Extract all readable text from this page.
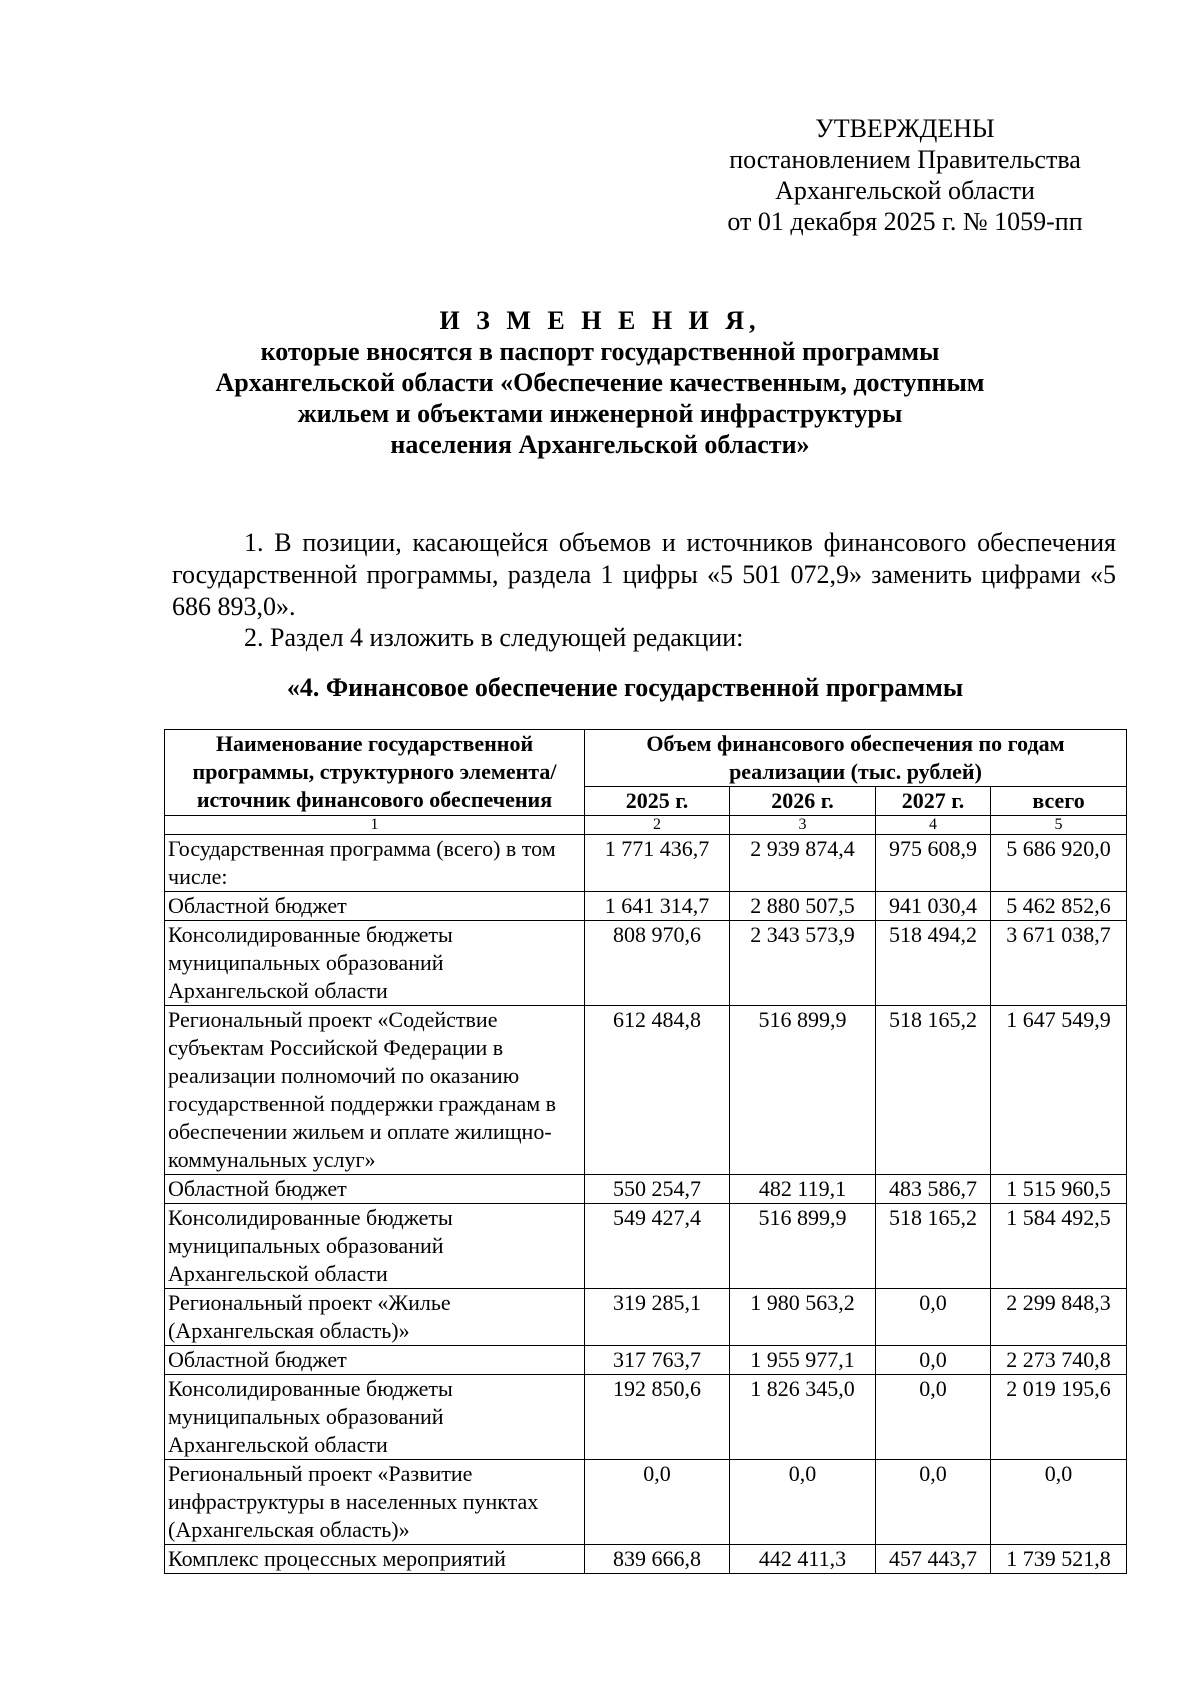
УТВЕРЖДЕНЫ
постановлением Правительства
Архангельской области
от 01 декабря 2025 г. № 1059-пп
И З М Е Н Е Н И Я,
которые вносятся в паспорт государственной программы
Архангельской области «Обеспечение качественным, доступным
жильем и объектами инженерной инфраструктуры
населения Архангельской области»
1. В позиции, касающейся объемов и источников финансового обеспечения государственной программы, раздела 1 цифры «5 501 072,9» заменить цифрами «5 686 893,0».
2. Раздел 4 изложить в следующей редакции:
«4. Финансовое обеспечение государственной программы
Наименование государственной программы, структурного элемента/ источник финансового обеспечения	Объем финансового обеспечения по годам реализации (тыс. рублей)			
	2025 г.	2026 г.	2027 г.	всего
1	2	3	4	5
Государственная программа (всего) в том числе:	1 771 436,7	2 939 874,4	975 608,9	5 686 920,0
Областной бюджет	1 641 314,7	2 880 507,5	941 030,4	5 462 852,6
Консолидированные бюджеты муниципальных образований Архангельской области	808 970,6	2 343 573,9	518 494,2	3 671 038,7
Региональный проект «Содействие субъектам Российской Федерации в реализации полномочий по оказанию государственной поддержки гражданам в обеспечении жильем и оплате жилищно-коммунальных услуг»	612 484,8	516 899,9	518 165,2	1 647 549,9
Областной бюджет	550 254,7	482 119,1	483 586,7	1 515 960,5
Консолидированные бюджеты муниципальных образований Архангельской области	549 427,4	516 899,9	518 165,2	1 584 492,5
Региональный проект «Жилье (Архангельская область)»	319 285,1	1 980 563,2	0,0	2 299 848,3
Областной бюджет	317 763,7	1 955 977,1	0,0	2 273 740,8
Консолидированные бюджеты муниципальных образований Архангельской области	192 850,6	1 826 345,0	0,0	2 019 195,6
Региональный проект «Развитие инфраструктуры в населенных пунктах (Архангельская область)»	0,0	0,0	0,0	0,0
Комплекс процессных мероприятий	839 666,8	442 411,3	457 443,7	1 739 521,8
